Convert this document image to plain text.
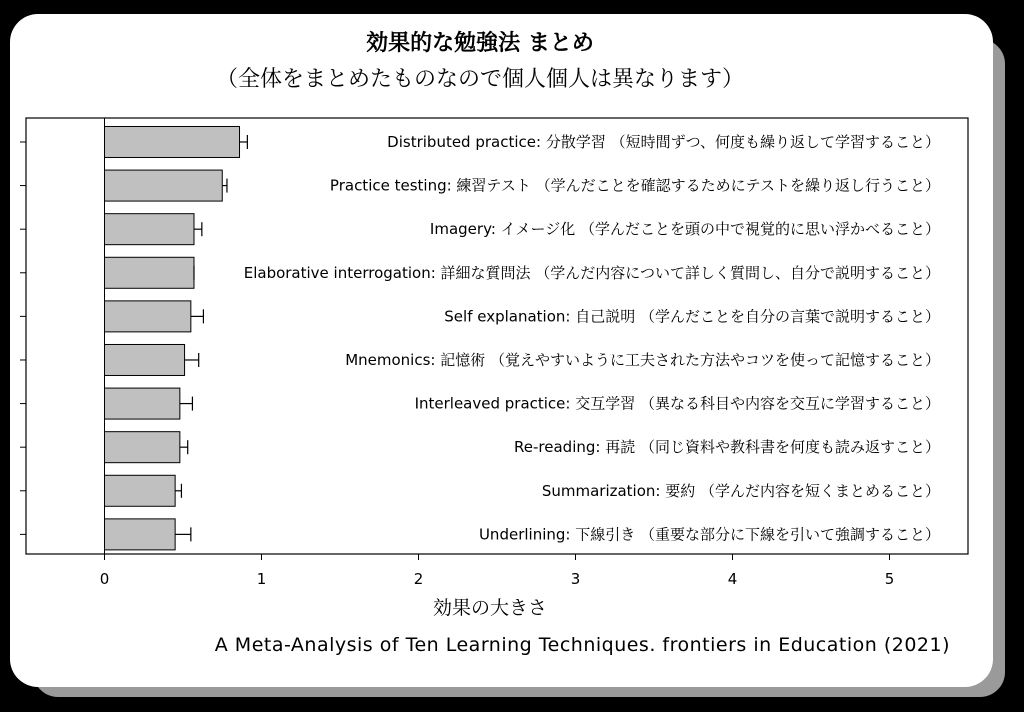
効果的な勉強法 まとめ
（全体をまとめたものなので個人個人は異なります）
Distributed practice: 分散学習 （短時間ずつ、何度も繰り返して学習すること）
Practice testing: 練習テスト （学んだことを確認するためにテストを繰り返し行うこと）
Imagery: イメージ化 （学んだことを頭の中で視覚的に思い浮かべること）
Elaborative interrogation: 詳細な質問法 （学んだ内容について詳しく質問し、自分で説明すること）
Self explanation: 自己説明 （学んだことを自分の言葉で説明すること）
Mnemonics: 記憶術 （覚えやすいように工夫された方法やコツを使って記憶すること）
Interleaved practice: 交互学習 （異なる科目や内容を交互に学習すること）
Re-reading: 再読 （同じ資料や教科書を何度も読み返すこと）
Summarization: 要約 （学んだ内容を短くまとめること）
Underlining: 下線引き （重要な部分に下線を引いて強調すること）
0	1	2	3	4	5
効果の大きさ
A Meta-Analysis of Ten Learning Techniques. frontiers in Education (2021)
